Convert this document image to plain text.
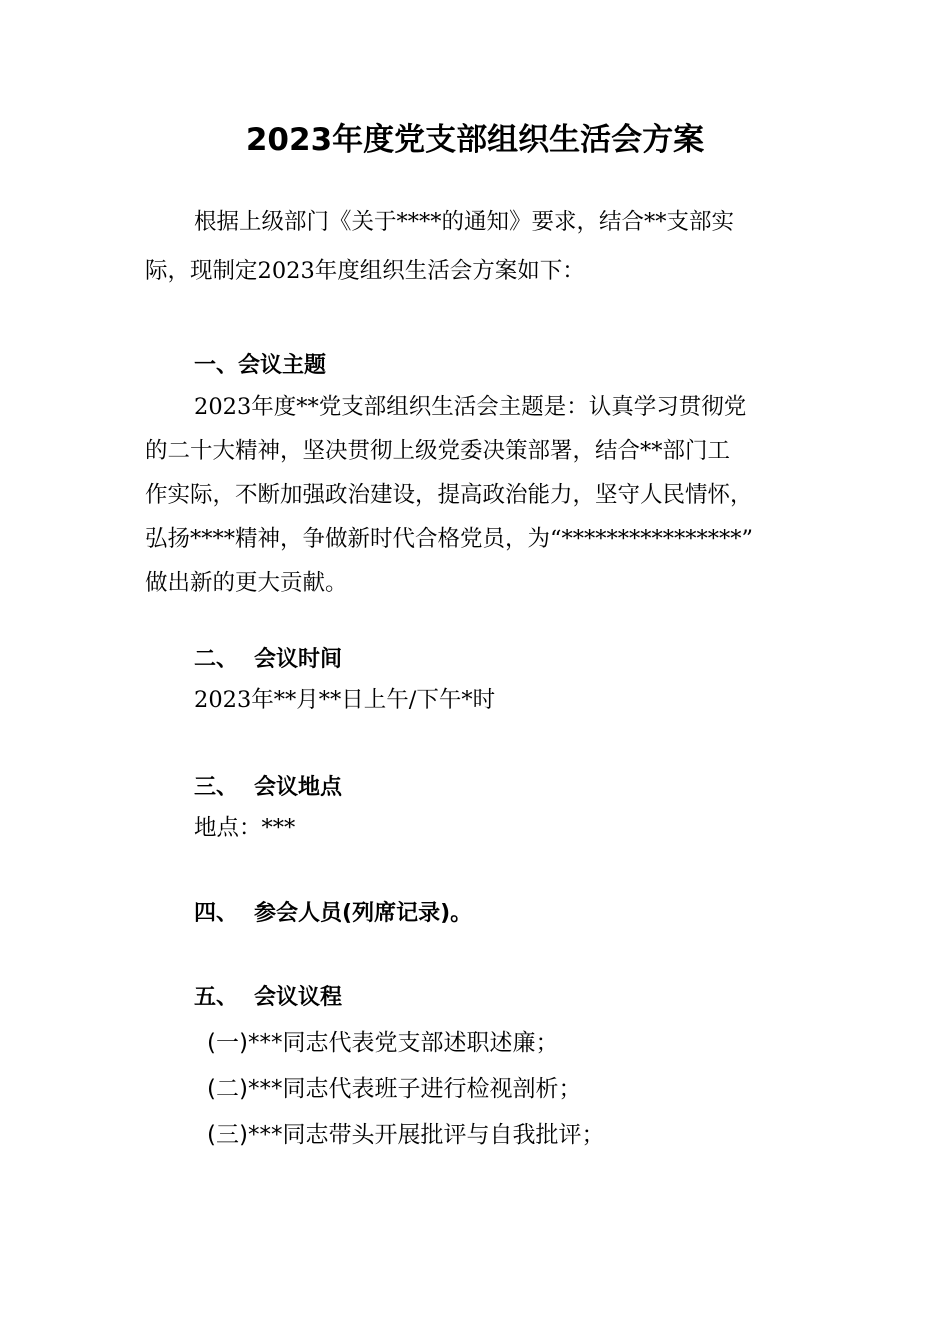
2023年度党支部组织生活会方案
根据上级部门《关于****的通知》要求，结合**支部实
际，现制定2023年度组织生活会方案如下：
一、会议主题
2023年度**党支部组织生活会主题是：认真学习贯彻党
的二十大精神，坚决贯彻上级党委决策部署，结合**部门工
作实际，不断加强政治建设，提高政治能力，坚守人民情怀，
弘扬****精神，争做新时代合格党员，为“****************”
做出新的更大贡献。
二、 会议时间
2023年**月**日上午/下午*时
三、 会议地点
地点：***
四、 参会人员(列席记录)。
五、 会议议程
(一)***同志代表党支部述职述廉；
(二)***同志代表班子进行检视剖析；
(三)***同志带头开展批评与自我批评；
